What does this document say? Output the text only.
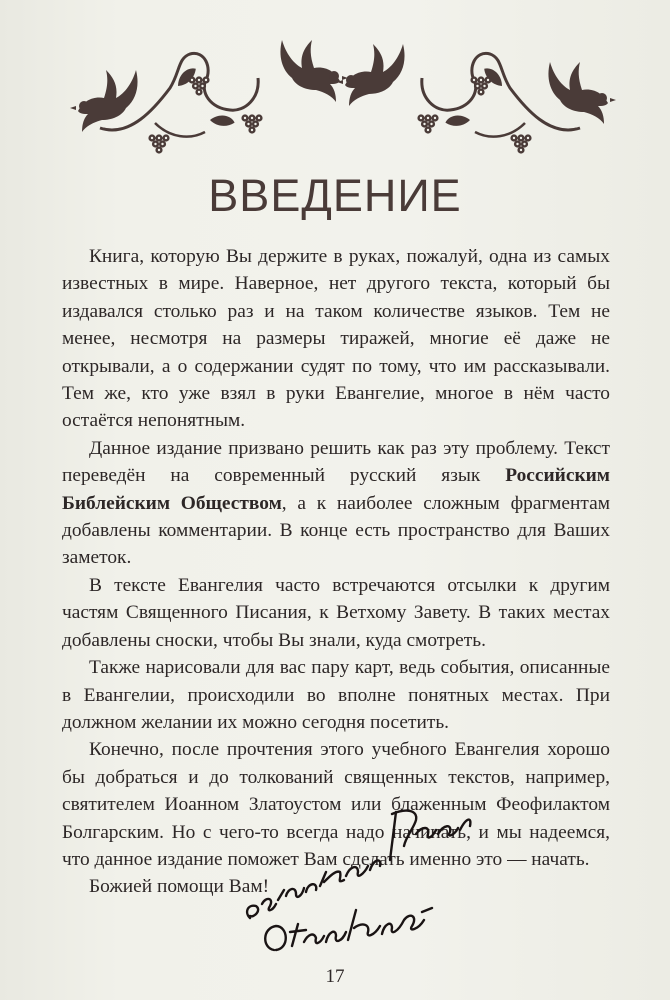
ВВЕДЕНИЕ

Книга, которую Вы держите в руках, пожалуй, одна из самых известных в мире. Наверное, нет другого текста, который бы издавался столько раз и на таком количестве языков. Тем не менее, несмотря на размеры тиражей, многие её даже не открывали, а о содержании судят по тому, что им рассказывали. Тем же, кто уже взял в руки Евангелие, многое в нём часто остаётся непонятным.

Данное издание призвано решить как раз эту проблему. Текст переведён на современный русский язык Российским Библейским Обществом, а к наиболее сложным фрагментам добавлены комментарии. В конце есть пространство для Ваших заметок.

В тексте Евангелия часто встречаются отсылки к другим частям Священного Писания, к Ветхому Завету. В таких местах добавлены сноски, чтобы Вы знали, куда смотреть.

Также нарисовали для вас пару карт, ведь события, описанные в Евангелии, происходили во вполне понятных местах. При должном желании их можно сегодня посетить.

Конечно, после прочтения этого учебного Евангелия хорошо бы добраться и до толкований священных текстов, например, святителем Иоанном Златоустом или блаженным Феофилактом Болгарским. Но с чего-то всегда надо начинать, и мы надеемся, что данное издание поможет Вам сделать именно это — начать.

Божией помощи Вам!

17
